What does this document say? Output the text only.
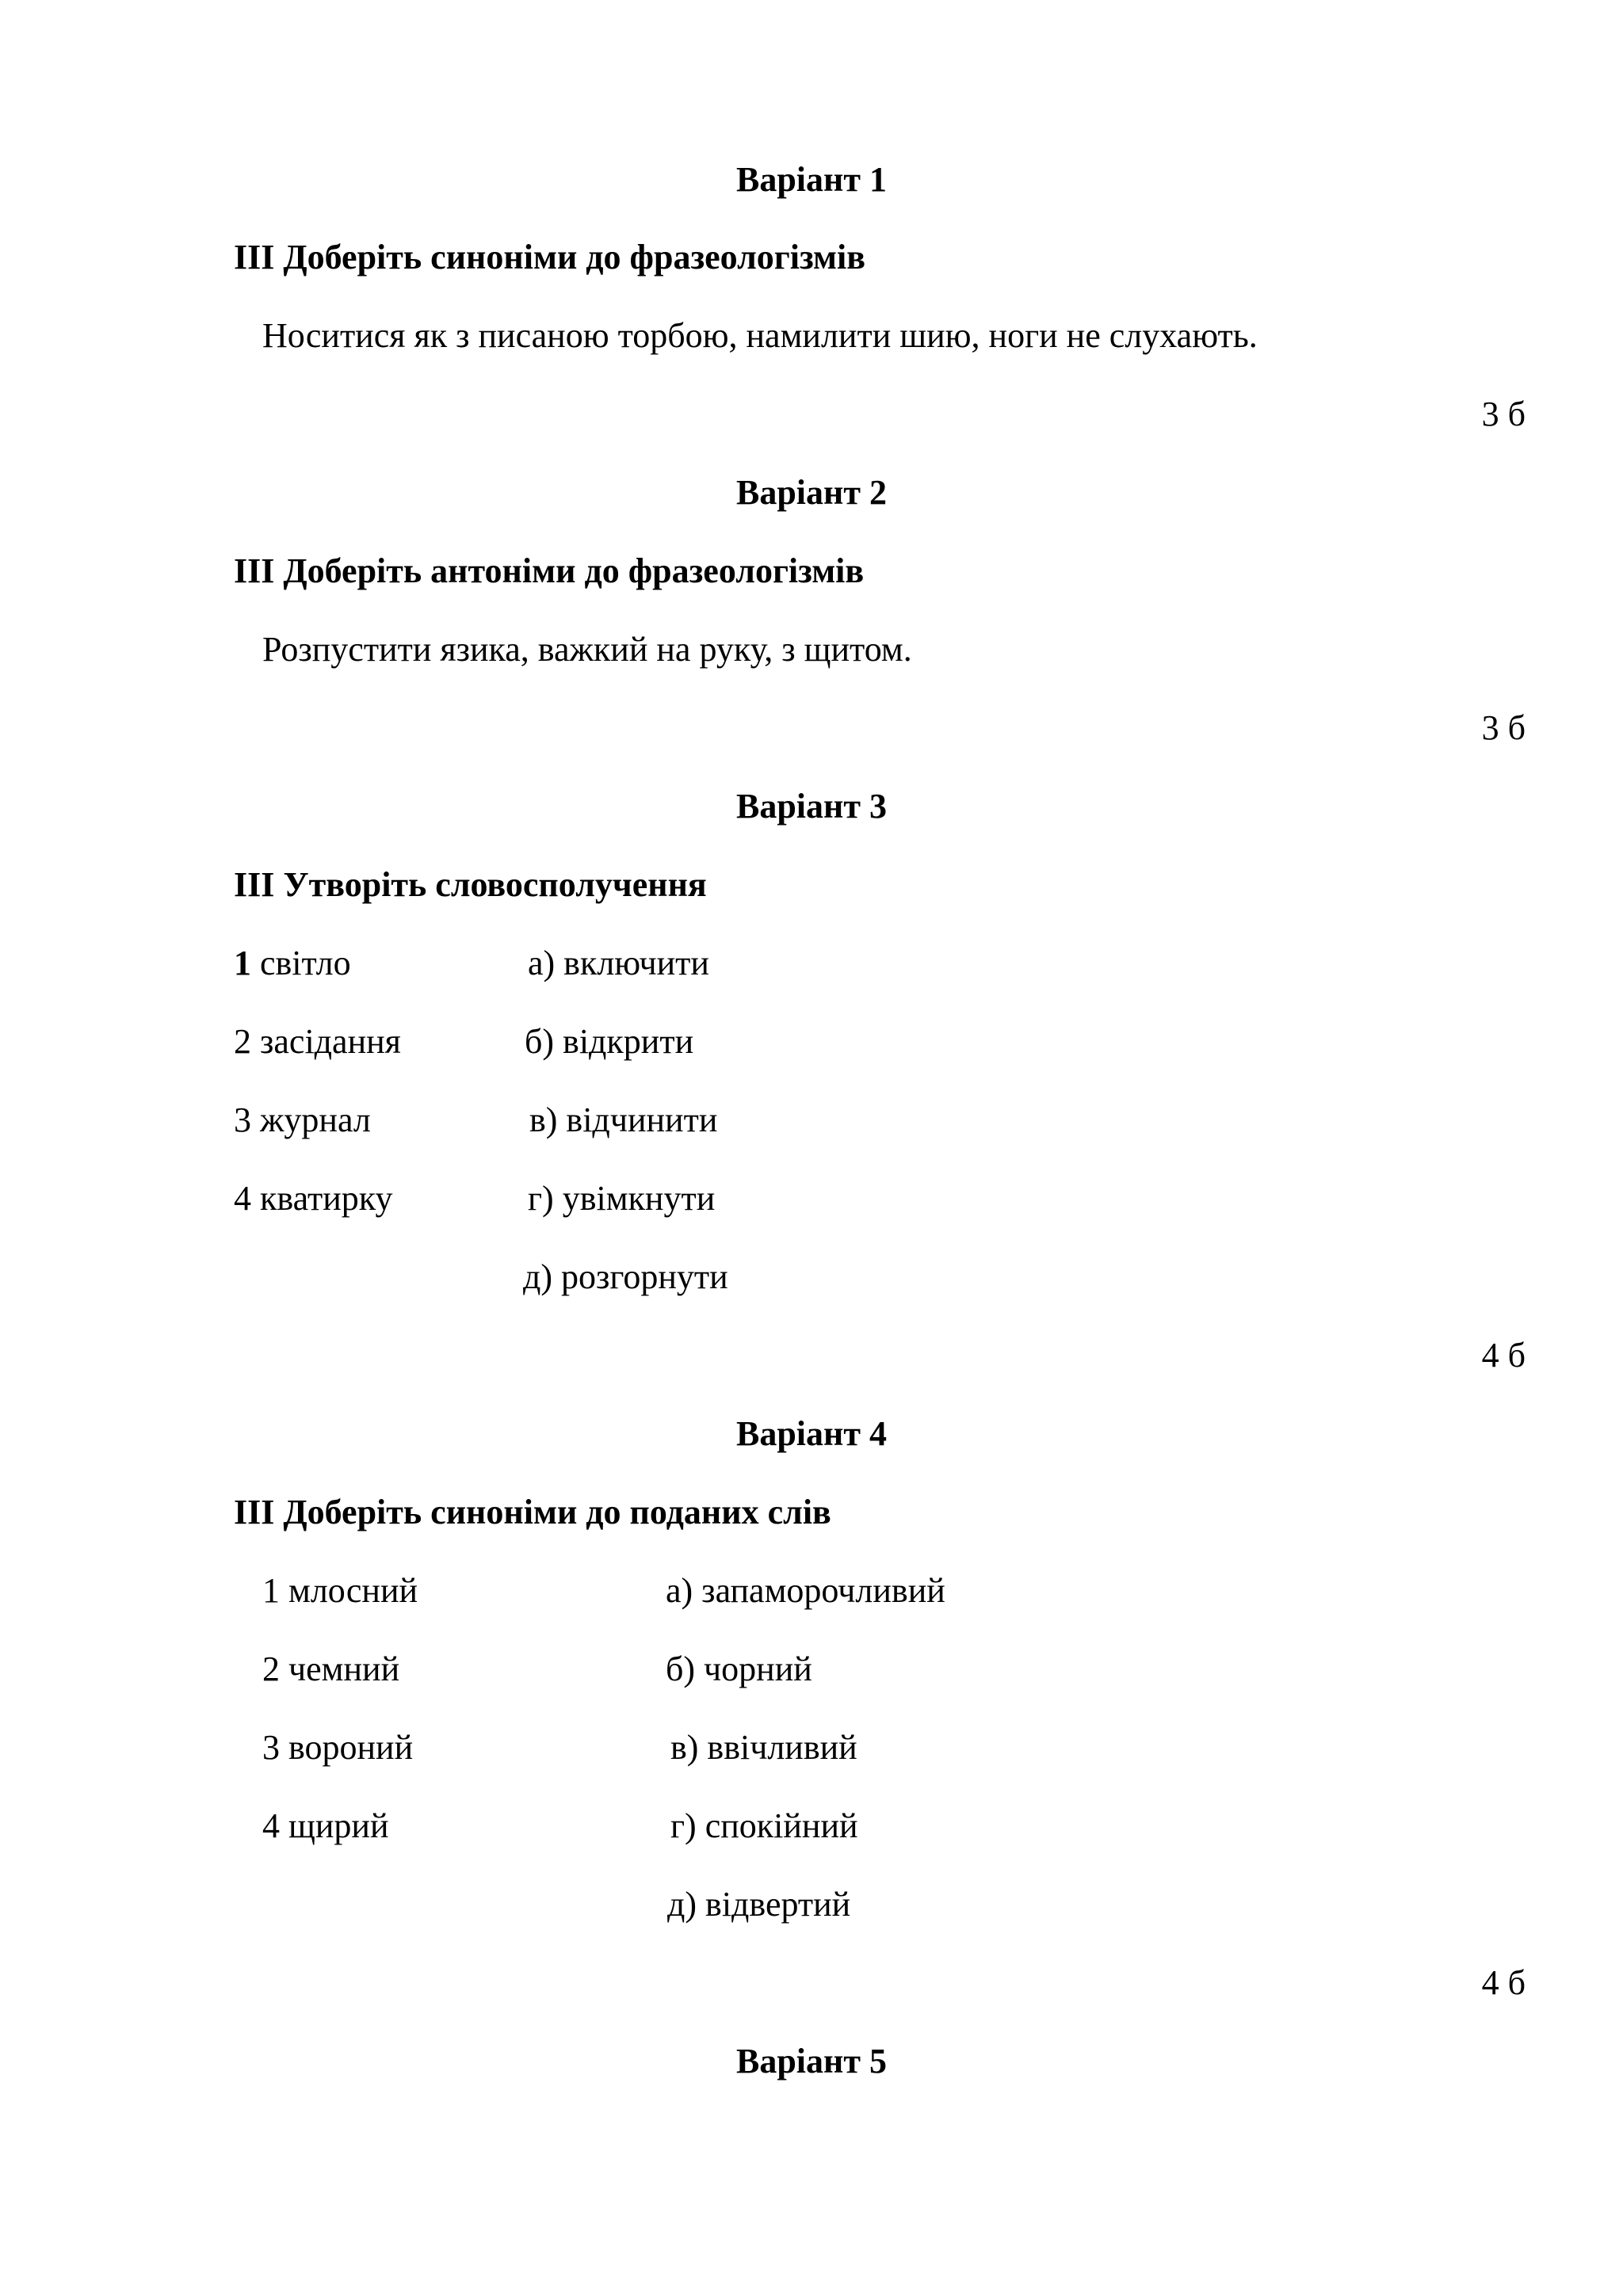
Варіант 1
ІІІ Доберіть синоніми до фразеологізмів
Носитися як з писаною торбою, намилити шию, ноги не слухають.
3 б
Варіант 2
ІІІ Доберіть антоніми до фразеологізмів
Розпустити язика, важкий на руку, з щитом.
3 б
Варіант 3
ІІІ Утворіть словосполучення
1 світло
2 засідання
3 журнал
4 кватирку
а) включити
б) відкрити
в) відчинити
г) увімкнути
д) розгорнути
4 б
Варіант 4
ІІІ Доберіть синоніми до поданих слів
1 млосний
2 чемний
3 вороний
4 щирий
а) запаморочливий
б) чорний
в) ввічливий
г) спокійний
д) відвертий
4 б
Варіант 5
